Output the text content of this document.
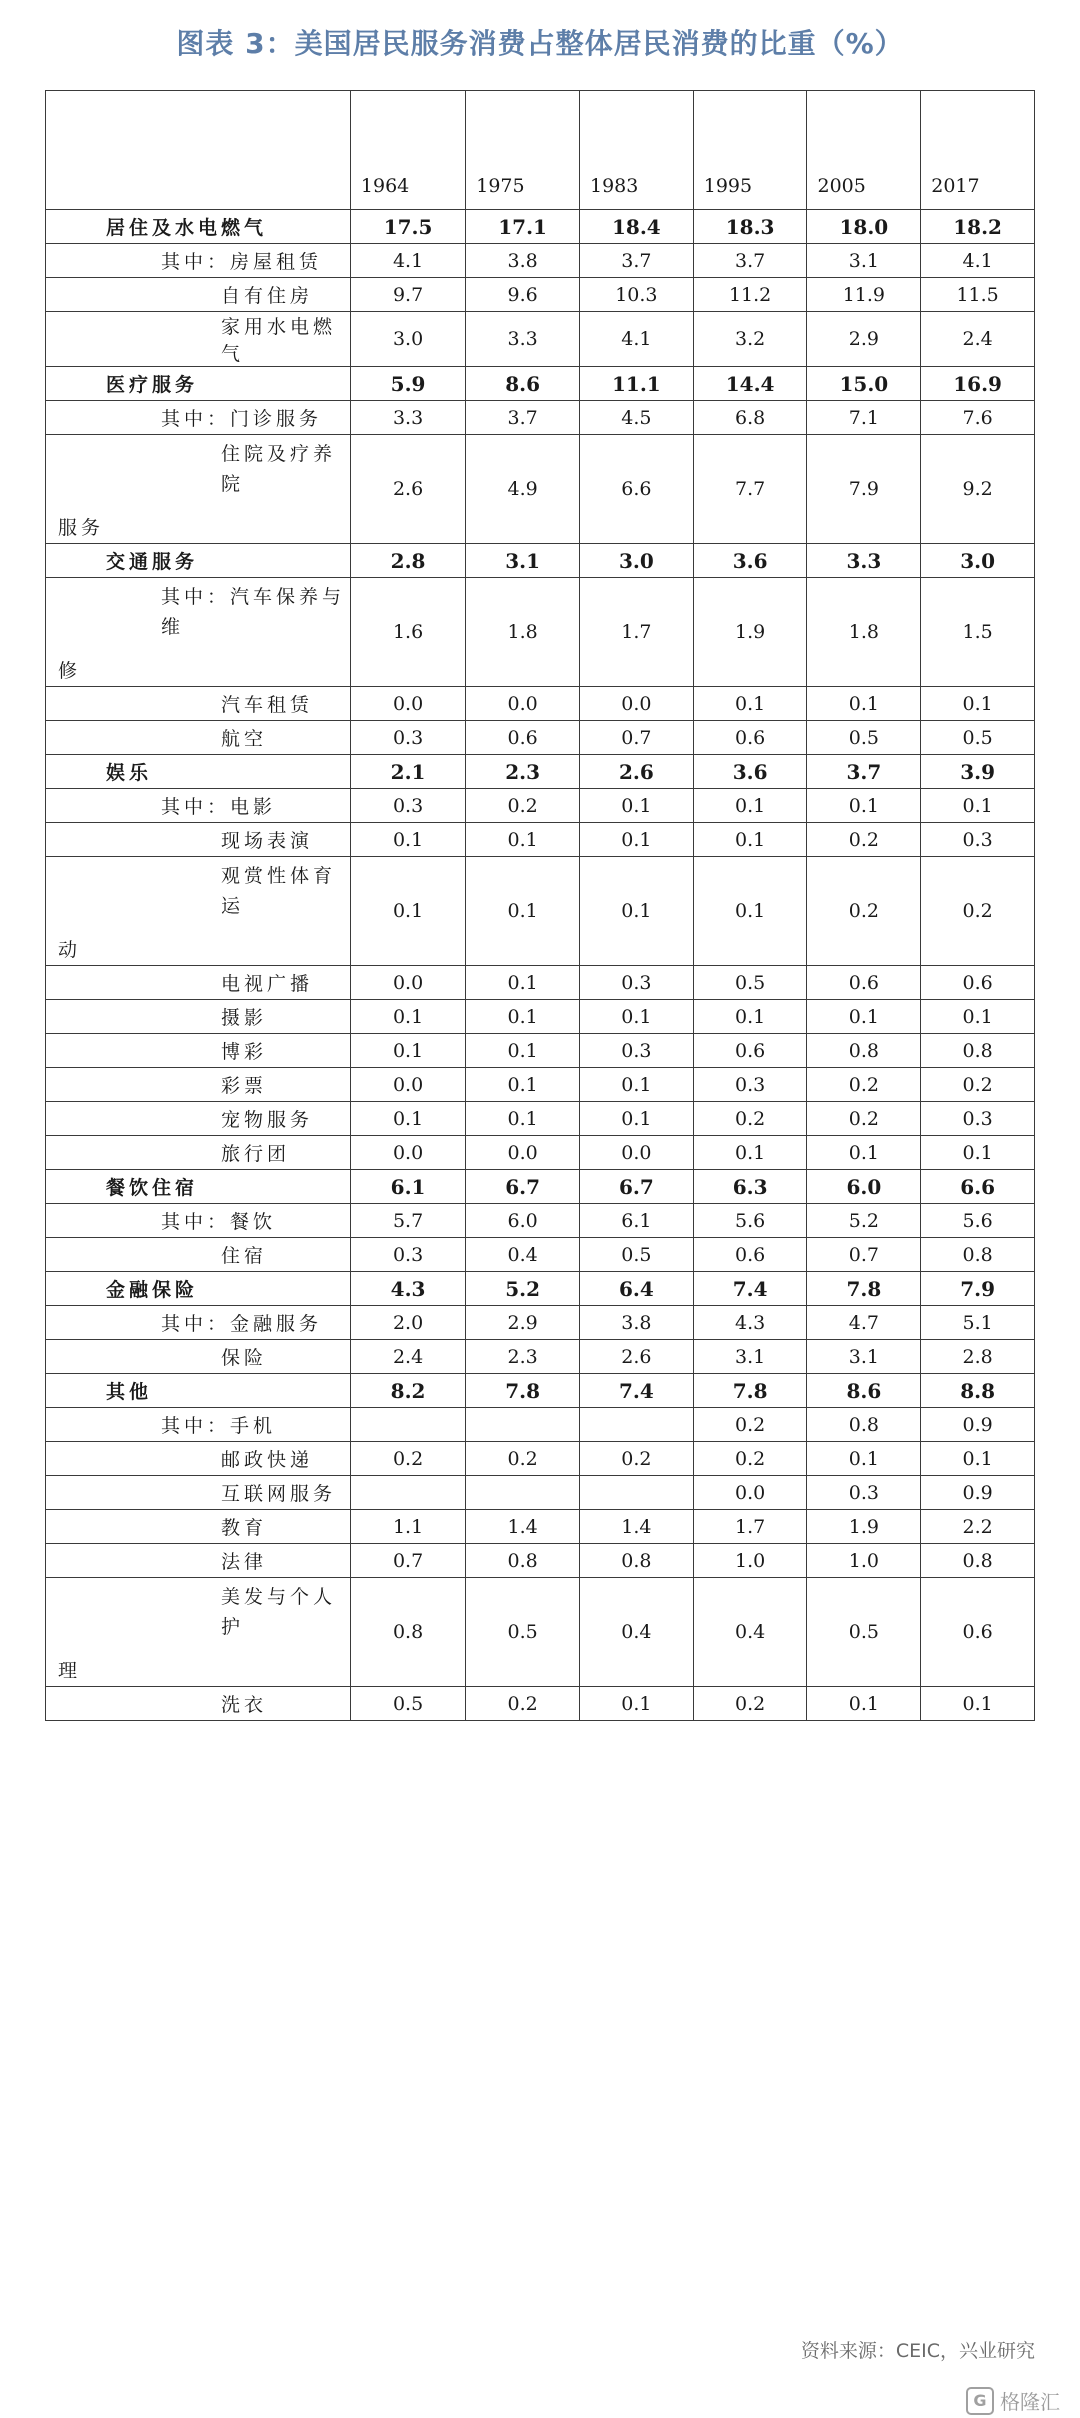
图表 3：美国居民服务消费占整体居民消费的比重（%）
	1964	1975	1983	1995	2005	2017
居住及水电燃气	17.5	17.1	18.4	18.3	18.0	18.2
其中：房屋租赁	4.1	3.8	3.7	3.7	3.1	4.1
自有住房	9.7	9.6	10.3	11.2	11.9	11.5
家用水电燃气	3.0	3.3	4.1	3.2	2.9	2.4
医疗服务	5.9	8.6	11.1	14.4	15.0	16.9
其中：门诊服务	3.3	3.7	4.5	6.8	7.1	7.6

住院及疗养院
服务	2.6	4.9	6.6	7.7	7.9	9.2
交通服务	2.8	3.1	3.0	3.6	3.3	3.0

其中：汽车保养与维
修	1.6	1.8	1.7	1.9	1.8	1.5
汽车租赁	0.0	0.0	0.0	0.1	0.1	0.1
航空	0.3	0.6	0.7	0.6	0.5	0.5
娱乐	2.1	2.3	2.6	3.6	3.7	3.9
其中：电影	0.3	0.2	0.1	0.1	0.1	0.1
现场表演	0.1	0.1	0.1	0.1	0.2	0.3

观赏性体育运
动	0.1	0.1	0.1	0.1	0.2	0.2
电视广播	0.0	0.1	0.3	0.5	0.6	0.6
摄影	0.1	0.1	0.1	0.1	0.1	0.1
博彩	0.1	0.1	0.3	0.6	0.8	0.8
彩票	0.0	0.1	0.1	0.3	0.2	0.2
宠物服务	0.1	0.1	0.1	0.2	0.2	0.3
旅行团	0.0	0.0	0.0	0.1	0.1	0.1
餐饮住宿	6.1	6.7	6.7	6.3	6.0	6.6
其中：餐饮	5.7	6.0	6.1	5.6	5.2	5.6
住宿	0.3	0.4	0.5	0.6	0.7	0.8
金融保险	4.3	5.2	6.4	7.4	7.8	7.9
其中：金融服务	2.0	2.9	3.8	4.3	4.7	5.1
保险	2.4	2.3	2.6	3.1	3.1	2.8
其他	8.2	7.8	7.4	7.8	8.6	8.8
其中：手机				0.2	0.8	0.9
邮政快递	0.2	0.2	0.2	0.2	0.1	0.1
互联网服务				0.0	0.3	0.9
教育	1.1	1.4	1.4	1.7	1.9	2.2
法律	0.7	0.8	0.8	1.0	1.0	0.8

美发与个人护
理	0.8	0.5	0.4	0.4	0.5	0.6
洗衣	0.5	0.2	0.1	0.2	0.1	0.1
资料来源：CEIC，兴业研究
G 格隆汇
